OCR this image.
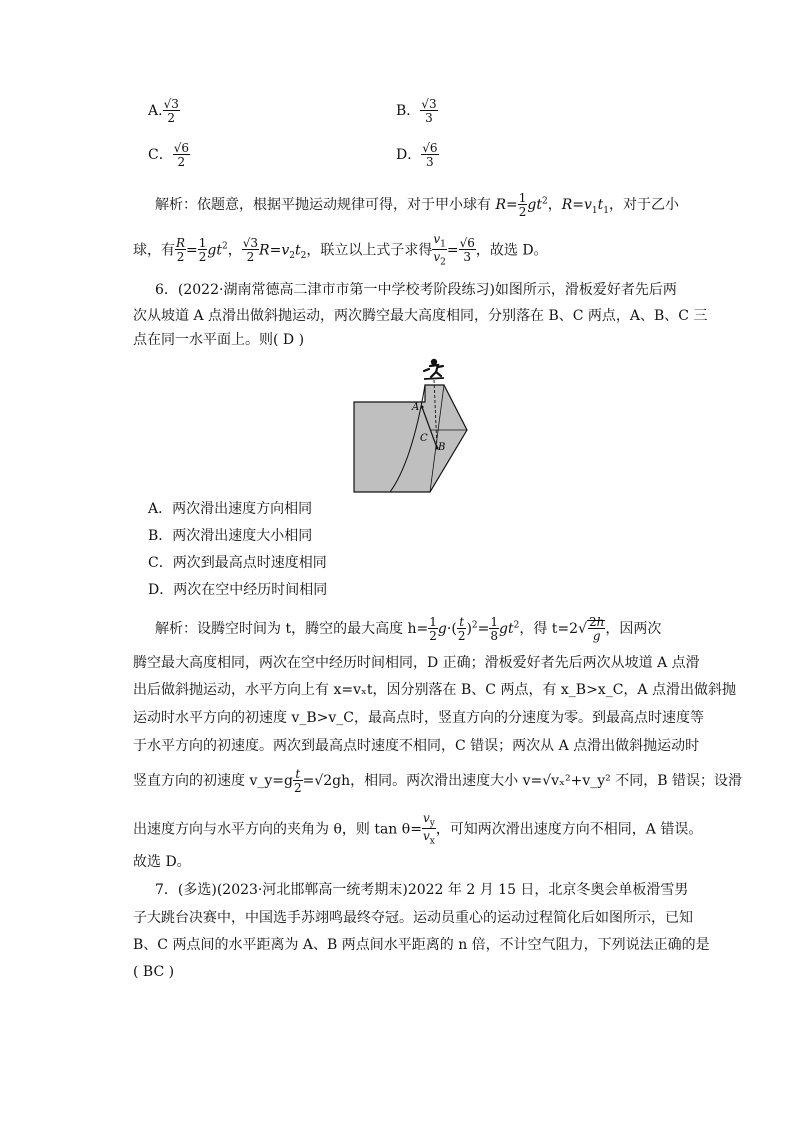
A. $\frac{√3}{2}$	B． $\frac{√3}{3}$
C． $\frac{√6}{2}$	D． $\frac{√6}{3}$
解析：依题意，根据平抛运动规律可得，对于甲小球有 $R= \frac{1}{2} gt^2$，$R=v_1t_1$，对于乙小
球，有 $\frac{R}{2} = \frac{1}{2} gt^2$， $\frac{√3}{2} R=v_2t_2$，联立以上式子求得 $\frac{v_1}{v_2} = \frac{√6}{3}$ ，故选 D。
6．(2022·湖南常德高二津市市第一中学校考阶段练习)如图所示，滑板爱好者先后两
次从坡道 A 点滑出做斜抛运动，两次腾空最大高度相同，分别落在 B、C 两点，A、B、C 三
点在同一水平面上。则( D )
A
C
B
A．两次滑出速度方向相同
B．两次滑出速度大小相同
C．两次到最高点时速度相同
D．两次在空中经历时间相同
解析：设腾空时间为 t，腾空的最大高度 $h= \frac{1}{2} g\cdot( \frac{t}{2} )^2= \frac{1}{8} gt^2$，得 $t=2√ \frac{2h}{g}$ ，因两次
腾空最大高度相同，两次在空中经历时间相同，D 正确；滑板爱好者先后两次从坡道 A 点滑
出后做斜抛运动，水平方向上有 x=vₓt，因分别落在 B、C 两点，有 x_B>x_C，A 点滑出做斜抛
运动时水平方向的初速度 v_B>v_C，最高点时，竖直方向的分速度为零。到最高点时速度等
于水平方向的初速度。两次到最高点时速度不相同，C 错误；两次从 A 点滑出做斜抛运动时
竖直方向的初速度 v_y=g $\frac{t}{2} =√2gh$，相同。两次滑出速度大小 v=√vₓ²+v_y² 不同，B 错误；设滑
出速度方向与水平方向的夹角为 θ，则 $\tan \theta= \frac{v_y}{v_x}$ ，可知两次滑出速度方向不相同，A 错误。
故选 D。
7．(多选)(2023·河北邯郸高一统考期末)2022 年 2 月 15 日，北京冬奥会单板滑雪男
子大跳台决赛中，中国选手苏翊鸣最终夺冠。运动员重心的运动过程简化后如图所示，已知
B、C 两点间的水平距离为 A、B 两点间水平距离的 n 倍，不计空气阻力，下列说法正确的是
( BC )
